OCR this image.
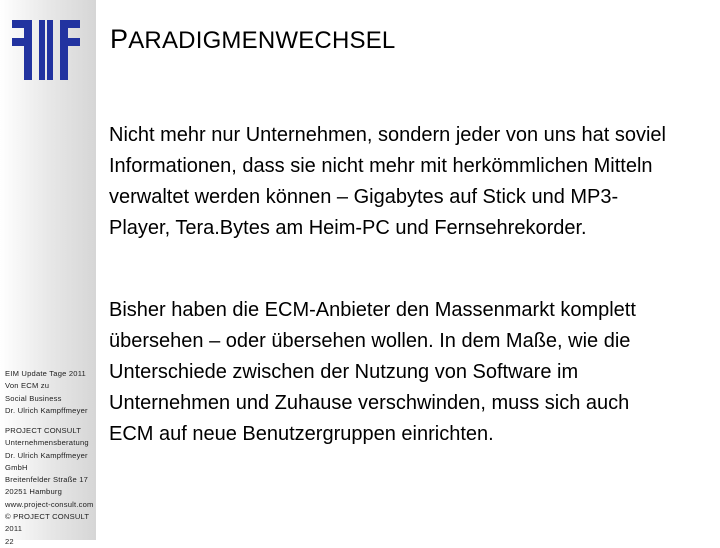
EIM Update Tage 2011
Von ECM zu
Social Business
Dr. Ulrich Kampffmeyer
PROJECT CONSULT
Unternehmensberatung
Dr. Ulrich Kampffmeyer
GmbH
Breitenfelder Straße 17
20251 Hamburg
www.project-consult.com
© PROJECT CONSULT
2011
22
PARADIGMENWECHSEL
Nicht mehr nur Unternehmen, sondern jeder von uns hat soviel Informationen, dass sie nicht mehr mit herkömmlichen Mitteln verwaltet werden können – Gigabytes auf Stick und MP3-Player, Tera.Bytes am Heim-PC und Fernsehrekorder.
Bisher haben die ECM-Anbieter den Massenmarkt komplett übersehen – oder übersehen wollen. In dem Maße, wie die Unterschiede zwischen der Nutzung von Software im Unternehmen und Zuhause verschwinden, muss sich auch ECM auf neue Benutzergruppen einrichten.
